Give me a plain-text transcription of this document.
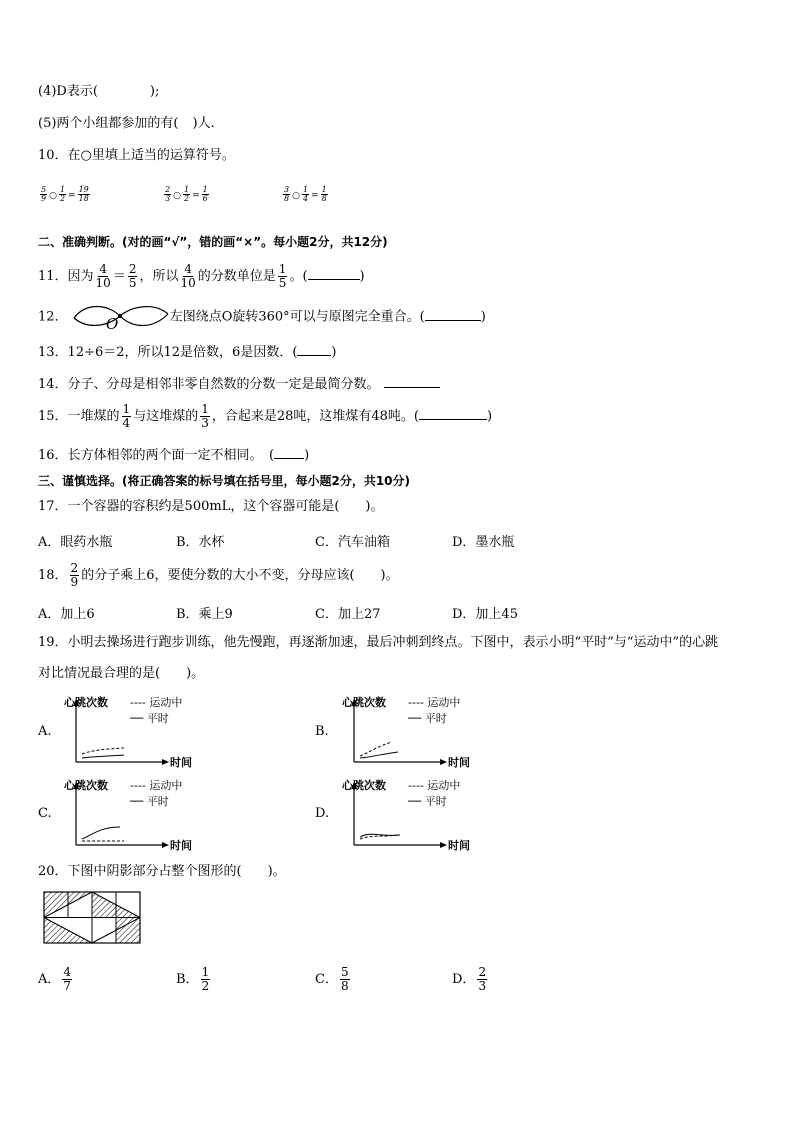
(4)D表示(	);
(5)两个小组都参加的有( )人.
10．在○里填上适当的运算符号。
$\frac{5}{9}$ ○ $\frac{1}{2} = \frac{19}{18}$
	$\frac{2}{3}$ ○ $\frac{1}{2} = \frac{1}{6}$
	$\frac{3}{8}$ ○ $\frac{1}{4} = \frac{1}{8}$
二、准确判断。(对的画“√”，错的画“×”。每小题2分，共12分)
11．因为 $\frac{4}{10} = \frac{2}{5}$ ，所以 $\frac{4}{10}$ 的分数单位是 $\frac{1}{5}$ 。(	)
12．	O	左图绕点O旋转360°可以与原图完全重合。(	)
13．12÷6＝2，所以12是倍数，6是因数．(	)
14．分子、分母是相邻非零自然数的分数一定是最简分数。
15．一堆煤的 $\frac{1}{4}$ 与这堆煤的 $\frac{1}{3}$ ，合起来是28吨，这堆煤有48吨。(	)
16．长方体相邻的两个面一定不相同。　( )
三、谨慎选择。(将正确答案的标号填在括号里，每小题2分，共10分)
17．一个容器的容积约是500mL，这个容器可能是(　　)。
A．眼药水瓶	B．水杯	C．汽车油箱	D．墨水瓶
18． $\frac{2}{9}$ 的分子乘上6，要使分数的大小不变，分母应该(　　)。
A．加上6	B．乘上9	C．加上27	D．加上45
19．小明去操场进行跑步训练，他先慢跑，再逐渐加速，最后冲刺到终点。下图中，表示小明“平时”与“运动中”的心跳
对比情况最合理的是(　　)。
A.	B.
C.	D.
心跳次数
时间
---- 运动中
── 平时
心跳次数
时间
---- 运动中
── 平时
心跳次数
时间
---- 运动中
── 平时
心跳次数
时间
---- 运动中
── 平时
20．下图中阴影部分占整个图形的(　　)。
A． $\frac{4}{7}$	B． $\frac{1}{2}$	C． $\frac{5}{8}$	D． $\frac{2}{3}$
